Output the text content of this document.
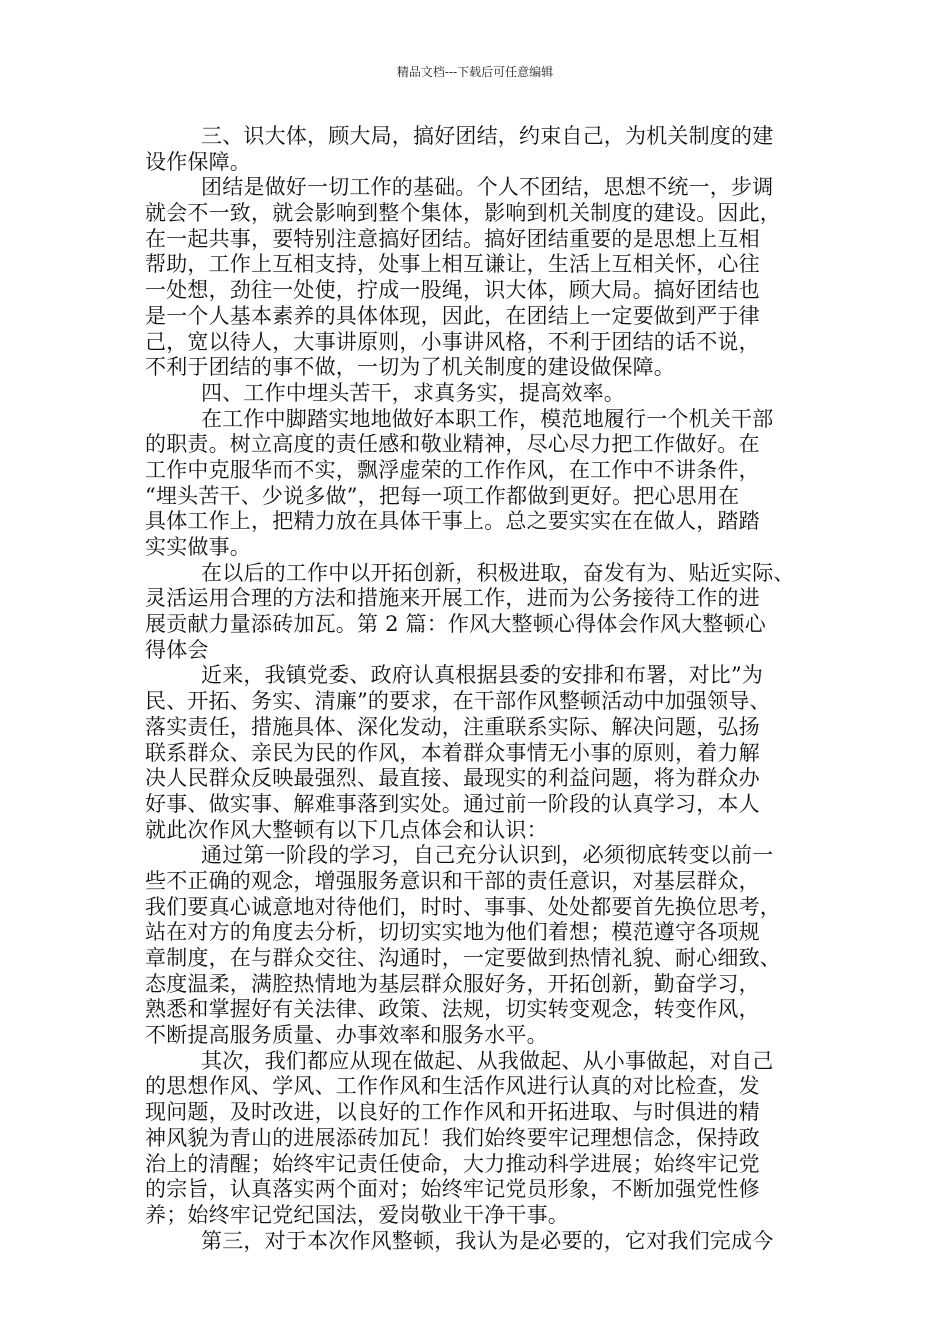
精品文档---下载后可任意编辑
三、识大体，顾大局，搞好团结，约束自己，为机关制度的建
设作保障。
团结是做好一切工作的基础。个人不团结，思想不统一，步调
就会不一致，就会影响到整个集体，影响到机关制度的建设。因此，
在一起共事，要特别注意搞好团结。搞好团结重要的是思想上互相
帮助，工作上互相支持，处事上相互谦让，生活上互相关怀，心往
一处想，劲往一处使，拧成一股绳，识大体，顾大局。搞好团结也
是一个人基本素养的具体体现，因此，在团结上一定要做到严于律
己，宽以待人，大事讲原则，小事讲风格，不利于团结的话不说，
不利于团结的事不做，一切为了机关制度的建设做保障。
四、工作中埋头苦干，求真务实，提高效率。
在工作中脚踏实地地做好本职工作，模范地履行一个机关干部
的职责。树立高度的责任感和敬业精神，尽心尽力把工作做好。在
工作中克服华而不实，飘浮虚荣的工作作风，在工作中不讲条件，
“埋头苦干、少说多做”，把每一项工作都做到更好。把心思用在
具体工作上，把精力放在具体干事上。总之要实实在在做人，踏踏
实实做事。
在以后的工作中以开拓创新，积极进取，奋发有为、贴近实际、
灵活运用合理的方法和措施来开展工作，进而为公务接待工作的进
展贡献力量添砖加瓦。第 2 篇：作风大整顿心得体会作风大整顿心
得体会
近来，我镇党委、政府认真根据县委的安排和布署，对比”为
民、开拓、务实、清廉”的要求，在干部作风整顿活动中加强领导、
落实责任，措施具体、深化发动，注重联系实际、解决问题，弘扬
联系群众、亲民为民的作风，本着群众事情无小事的原则，着力解
决人民群众反映最强烈、最直接、最现实的利益问题，将为群众办
好事、做实事、解难事落到实处。通过前一阶段的认真学习，本人
就此次作风大整顿有以下几点体会和认识：
通过第一阶段的学习，自己充分认识到，必须彻底转变以前一
些不正确的观念，增强服务意识和干部的责任意识，对基层群众，
我们要真心诚意地对待他们，时时、事事、处处都要首先换位思考，
站在对方的角度去分析，切切实实地为他们着想；模范遵守各项规
章制度，在与群众交往、沟通时，一定要做到热情礼貌、耐心细致、
态度温柔，满腔热情地为基层群众服好务，开拓创新，勤奋学习，
熟悉和掌握好有关法律、政策、法规，切实转变观念，转变作风，
不断提高服务质量、办事效率和服务水平。
其次，我们都应从现在做起、从我做起、从小事做起，对自己
的思想作风、学风、工作作风和生活作风进行认真的对比检查，发
现问题，及时改进，以良好的工作作风和开拓进取、与时俱进的精
神风貌为青山的进展添砖加瓦！我们始终要牢记理想信念，保持政
治上的清醒；始终牢记责任使命，大力推动科学进展；始终牢记党
的宗旨，认真落实两个面对；始终牢记党员形象，不断加强党性修
养；始终牢记党纪国法，爱岗敬业干净干事。
第三，对于本次作风整顿，我认为是必要的，它对我们完成今
